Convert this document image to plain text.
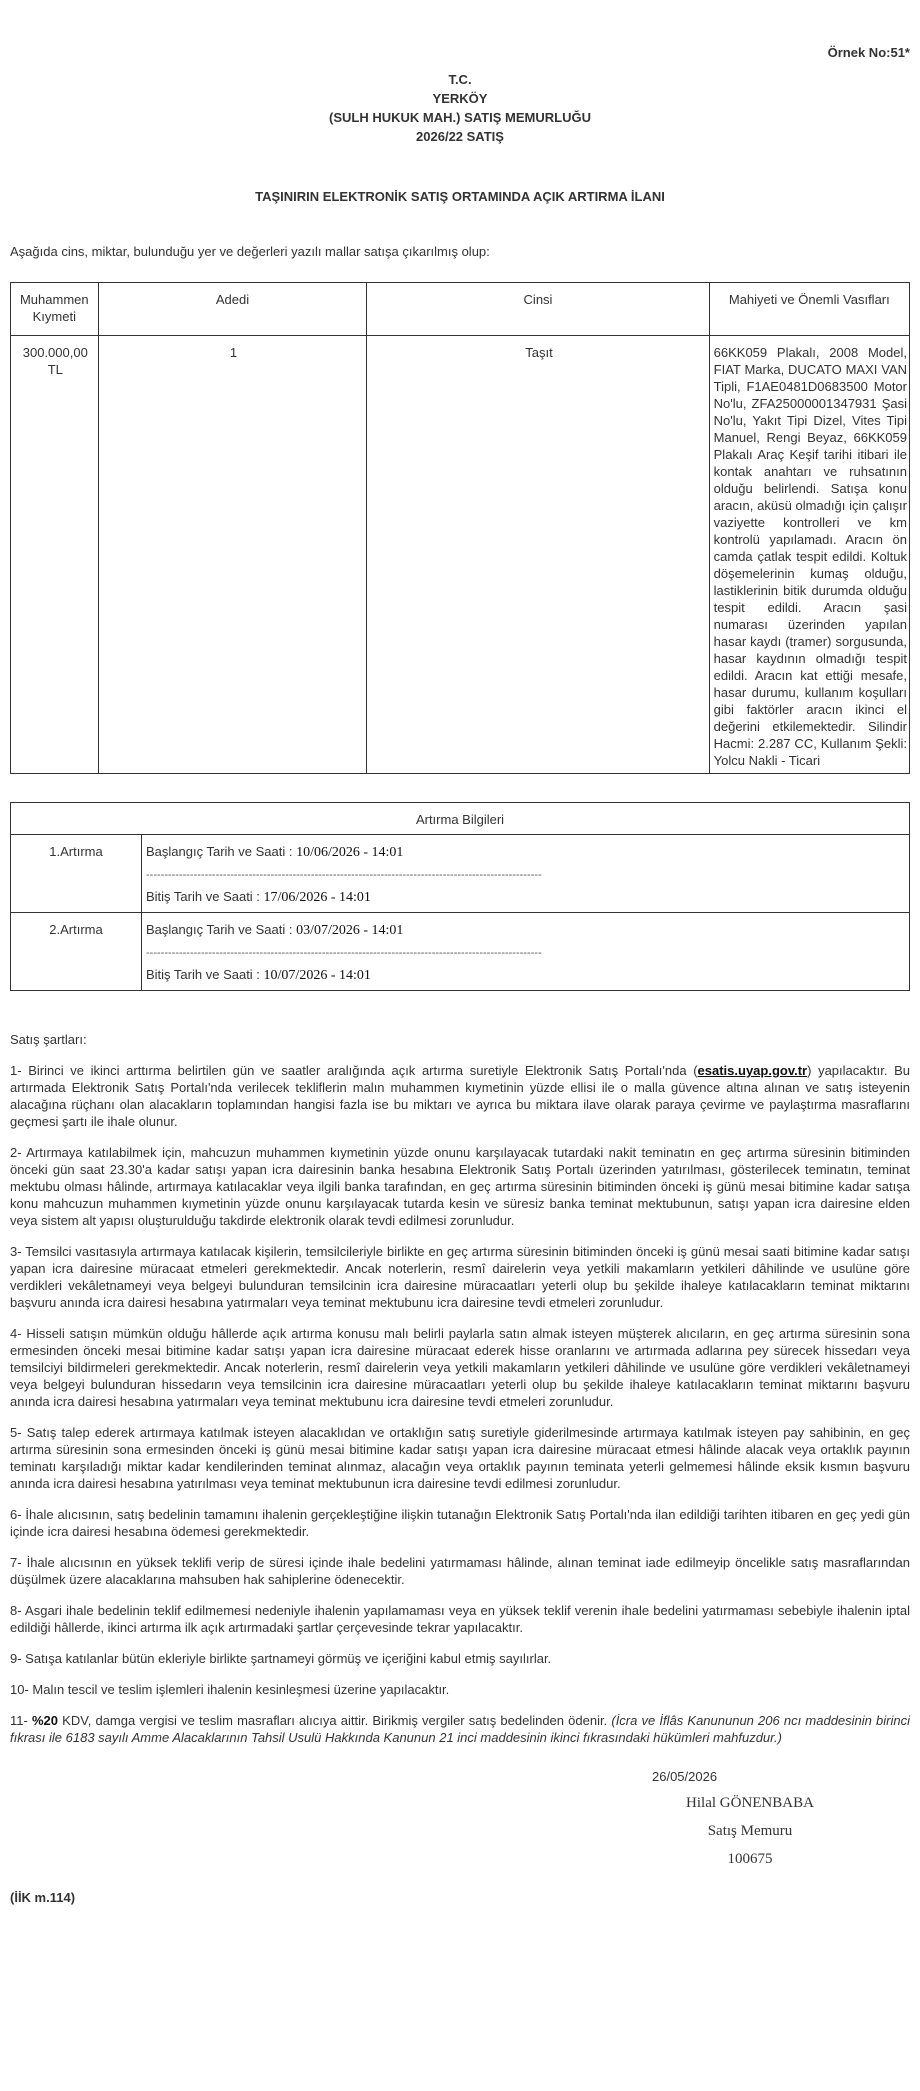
Örnek No:51*
T.C.
YERKÖY
(SULH HUKUK MAH.) SATIŞ MEMURLUĞU
2026/22 SATIŞ
TAŞINIRIN ELEKTRONİK SATIŞ ORTAMINDA AÇIK ARTIRMA İLANI
Aşağıda cins, miktar, bulunduğu yer ve değerleri yazılı mallar satışa çıkarılmış olup:
Muhammen Kıymeti	Adedi	Cinsi	Mahiyeti ve Önemli Vasıfları
300.000,00 TL	1	Taşıt	66KK059 Plakalı, 2008 Model, FIAT Marka, DUCATO MAXI VAN Tipli, F1AE0481D0683500 Motor No'lu, ZFA25000001347931 Şasi No'lu, Yakıt Tipi Dizel, Vites Tipi Manuel, Rengi Beyaz, 66KK059 Plakalı Araç Keşif tarihi itibari ile kontak anahtarı ve ruhsatının olduğu belirlendi. Satışa konu aracın, aküsü olmadığı için çalışır vaziyette kontrolleri ve km kontrolü yapılamadı. Aracın ön camda çatlak tespit edildi. Koltuk döşemelerinin kumaş olduğu, lastiklerinin bitik durumda olduğu tespit edildi. Aracın şasi numarası üzerinden yapılan hasar kaydı (tramer) sorgusunda, hasar kaydının olmadığı tespit edildi. Aracın kat ettiği mesafe, hasar durumu, kullanım koşulları gibi faktörler aracın ikinci el değerini etkilemektedir. Silindir Hacmi: 2.287 CC, Kullanım Şekli: Yolcu Nakli - Ticari
Artırma Bilgileri	
1.Artırma	Başlangıç Tarih ve Saati : 10/06/2026 - 14:01
------------------------------------------------------------------------------------------------------------
Bitiş Tarih ve Saati : 17/06/2026 - 14:01

2.Artırma	Başlangıç Tarih ve Saati : 03/07/2026 - 14:01
------------------------------------------------------------------------------------------------------------
Bitiş Tarih ve Saati : 10/07/2026 - 14:01
Satış şartları:
1- Birinci ve ikinci arttırma belirtilen gün ve saatler aralığında açık artırma suretiyle Elektronik Satış Portalı'nda (esatis.uyap.gov.tr) yapılacaktır. Bu artırmada Elektronik Satış Portalı'nda verilecek tekliflerin malın muhammen kıymetinin yüzde ellisi ile o malla güvence altına alınan ve satış isteyenin alacağına rüçhanı olan alacakların toplamından hangisi fazla ise bu miktarı ve ayrıca bu miktara ilave olarak paraya çevirme ve paylaştırma masraflarını geçmesi şartı ile ihale olunur.
2- Artırmaya katılabilmek için, mahcuzun muhammen kıymetinin yüzde onunu karşılayacak tutardaki nakit teminatın en geç artırma süresinin bitiminden önceki gün saat 23.30'a kadar satışı yapan icra dairesinin banka hesabına Elektronik Satış Portalı üzerinden yatırılması, gösterilecek teminatın, teminat mektubu olması hâlinde, artırmaya katılacaklar veya ilgili banka tarafından, en geç artırma süresinin bitiminden önceki iş günü mesai bitimine kadar satışa konu mahcuzun muhammen kıymetinin yüzde onunu karşılayacak tutarda kesin ve süresiz banka teminat mektubunun, satışı yapan icra dairesine elden veya sistem alt yapısı oluşturulduğu takdirde elektronik olarak tevdi edilmesi zorunludur.
3- Temsilci vasıtasıyla artırmaya katılacak kişilerin, temsilcileriyle birlikte en geç artırma süresinin bitiminden önceki iş günü mesai saati bitimine kadar satışı yapan icra dairesine müracaat etmeleri gerekmektedir. Ancak noterlerin, resmî dairelerin veya yetkili makamların yetkileri dâhilinde ve usulüne göre verdikleri vekâletnameyi veya belgeyi bulunduran temsilcinin icra dairesine müracaatları yeterli olup bu şekilde ihaleye katılacakların teminat miktarını başvuru anında icra dairesi hesabına yatırmaları veya teminat mektubunu icra dairesine tevdi etmeleri zorunludur.
4- Hisseli satışın mümkün olduğu hâllerde açık artırma konusu malı belirli paylarla satın almak isteyen müşterek alıcıların, en geç artırma süresinin sona ermesinden önceki mesai bitimine kadar satışı yapan icra dairesine müracaat ederek hisse oranlarını ve artırmada adlarına pey sürecek hissedarı veya temsilciyi bildirmeleri gerekmektedir. Ancak noterlerin, resmî dairelerin veya yetkili makamların yetkileri dâhilinde ve usulüne göre verdikleri vekâletnameyi veya belgeyi bulunduran hissedarın veya temsilcinin icra dairesine müracaatları yeterli olup bu şekilde ihaleye katılacakların teminat miktarını başvuru anında icra dairesi hesabına yatırmaları veya teminat mektubunu icra dairesine tevdi etmeleri zorunludur.
5- Satış talep ederek artırmaya katılmak isteyen alacaklıdan ve ortaklığın satış suretiyle giderilmesinde artırmaya katılmak isteyen pay sahibinin, en geç artırma süresinin sona ermesinden önceki iş günü mesai bitimine kadar satışı yapan icra dairesine müracaat etmesi hâlinde alacak veya ortaklık payının teminatı karşıladığı miktar kadar kendilerinden teminat alınmaz, alacağın veya ortaklık payının teminata yeterli gelmemesi hâlinde eksik kısmın başvuru anında icra dairesi hesabına yatırılması veya teminat mektubunun icra dairesine tevdi edilmesi zorunludur.
6- İhale alıcısının, satış bedelinin tamamını ihalenin gerçekleştiğine ilişkin tutanağın Elektronik Satış Portalı'nda ilan edildiği tarihten itibaren en geç yedi gün içinde icra dairesi hesabına ödemesi gerekmektedir.
7- İhale alıcısının en yüksek teklifi verip de süresi içinde ihale bedelini yatırmaması hâlinde, alınan teminat iade edilmeyip öncelikle satış masraflarından düşülmek üzere alacaklarına mahsuben hak sahiplerine ödenecektir.
8- Asgari ihale bedelinin teklif edilmemesi nedeniyle ihalenin yapılamaması veya en yüksek teklif verenin ihale bedelini yatırmaması sebebiyle ihalenin iptal edildiği hâllerde, ikinci artırma ilk açık artırmadaki şartlar çerçevesinde tekrar yapılacaktır.
9- Satışa katılanlar bütün ekleriyle birlikte şartnameyi görmüş ve içeriğini kabul etmiş sayılırlar.
10- Malın tescil ve teslim işlemleri ihalenin kesinleşmesi üzerine yapılacaktır.
11- %20 KDV, damga vergisi ve teslim masrafları alıcıya aittir. Birikmiş vergiler satış bedelinden ödenir. (İcra ve İflâs Kanununun 206 ncı maddesinin birinci fıkrası ile 6183 sayılı Amme Alacaklarının Tahsil Usulü Hakkında Kanunun 21 inci maddesinin ikinci fıkrasındaki hükümleri mahfuzdur.)
26/05/2026
Hilal GÖNENBABA
Satış Memuru
100675
(İİK m.114)
